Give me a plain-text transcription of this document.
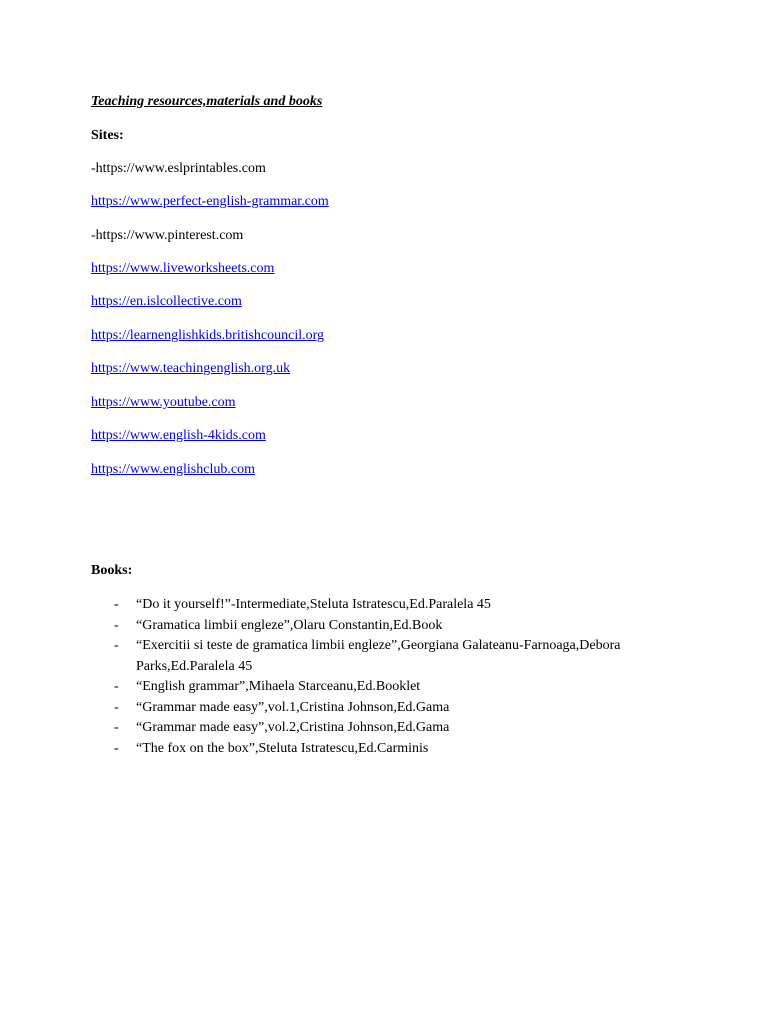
Teaching resources,materials and books
Sites:
-https://www.eslprintables.com
https://www.perfect-english-grammar.com
-https://www.pinterest.com
https://www.liveworksheets.com
https://en.islcollective.com
https://learnenglishkids.britishcouncil.org
https://www.teachingenglish.org.uk
https://www.youtube.com
https://www.english-4kids.com
https://www.englishclub.com
Books:
- “Do it yourself!”-Intermediate,Steluta Istratescu,Ed.Paralela 45
- “Gramatica limbii engleze”,Olaru Constantin,Ed.Book
- “Exercitii si teste de gramatica limbii engleze”,Georgiana Galateanu-Farnoaga,Debora Parks,Ed.Paralela 45
- “English grammar”,Mihaela Starceanu,Ed.Booklet
- “Grammar made easy”,vol.1,Cristina Johnson,Ed.Gama
- “Grammar made easy”,vol.2,Cristina Johnson,Ed.Gama
- “The fox on the box”,Steluta Istratescu,Ed.Carminis
